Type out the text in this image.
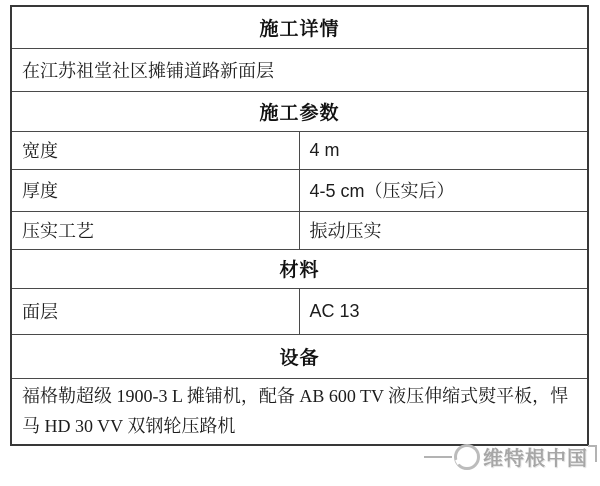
施工详情	
在江苏祖堂社区摊铺道路新面层	
施工参数	
宽度	4 m
厚度	4-5 cm（压实后）
压实工艺	振动压实
材料	
面层	AC 13
设备	
福格勒超级 1900-3 L 摊铺机，配备 AB 600 TV 液压伸缩式熨平板，悍马 HD 30 VV 双钢轮压路机	
维特根中国
